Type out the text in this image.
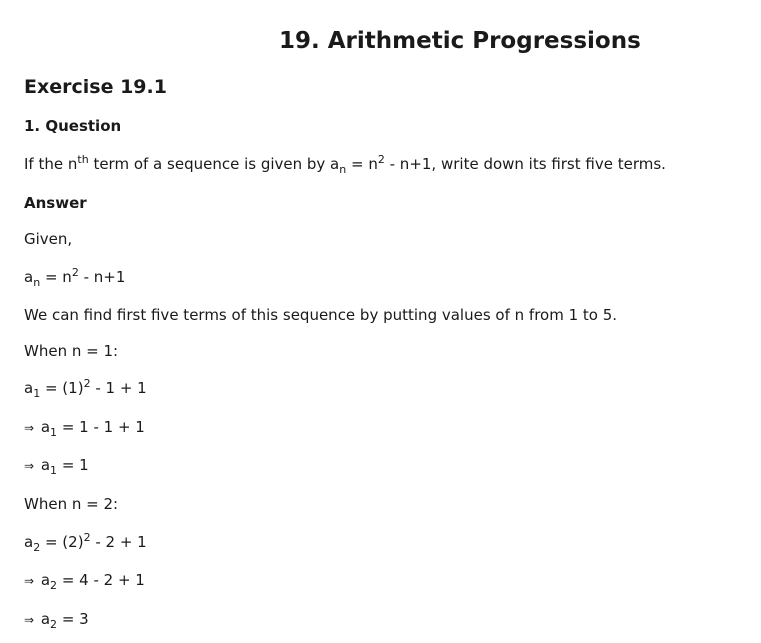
19. Arithmetic Progressions
Exercise 19.1

1. Question

If the $n^{th}$ term of a sequence is given by $a_n = n^2 - n+1$, write down its first five terms.

Answer

Given,

$a_n = n^2 - n+1$

We can find first five terms of this sequence by putting values of n from 1 to 5.

When n = 1:

$a_1 = (1)^2 - 1 + 1$

⇒ $a_1 = 1 - 1 + 1$

⇒ $a_1 = 1$

When n = 2:

$a_2 = (2)^2 - 2 + 1$

⇒ $a_2 = 4 - 2 + 1$

⇒ $a_2 = 3$
